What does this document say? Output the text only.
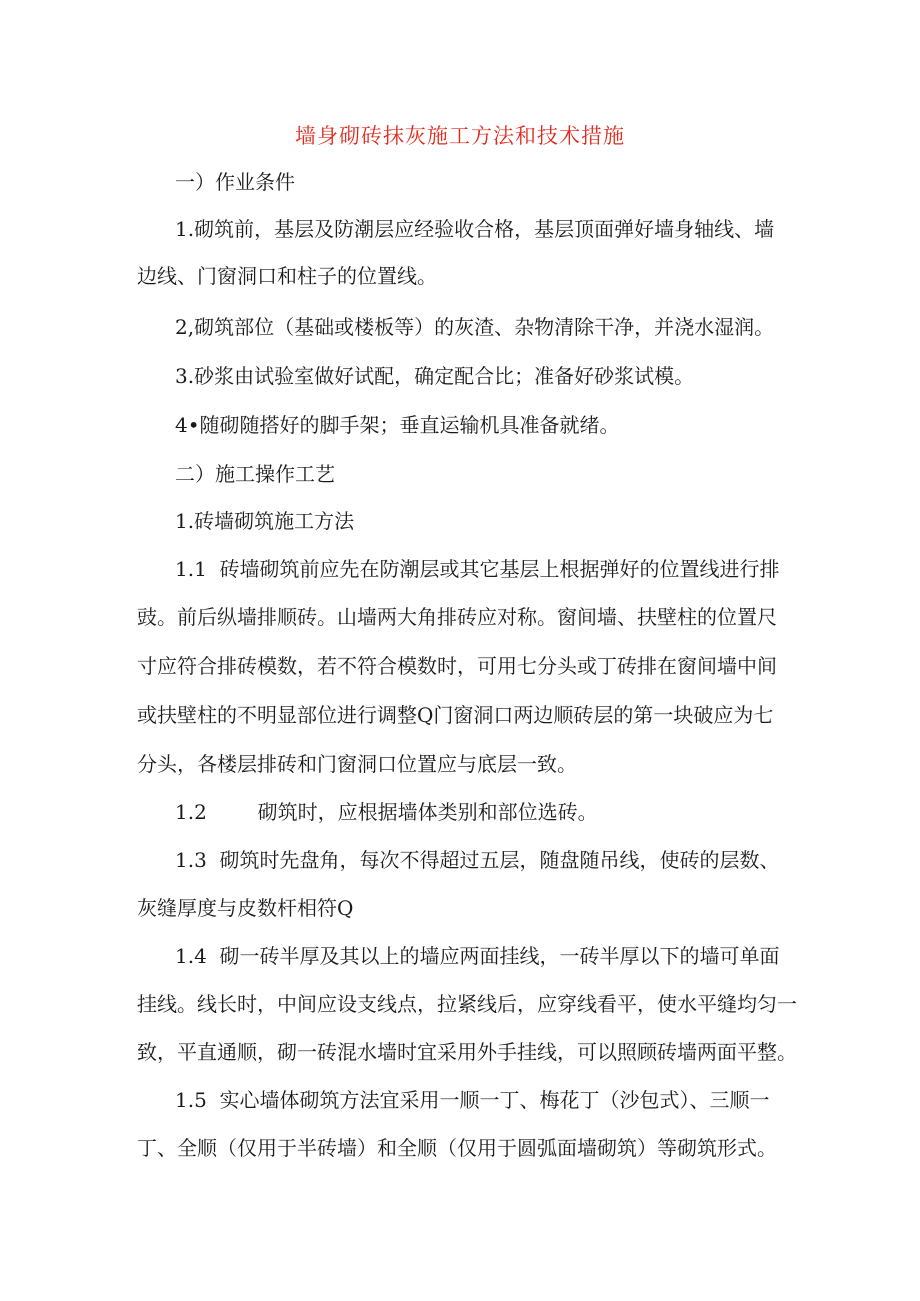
墙身砌砖抹灰施工方法和技术措施
一）作业条件
1.砌筑前，基层及防潮层应经验收合格，基层顶面弹好墙身轴线、墙
边线、门窗洞口和柱子的位置线。
2,砌筑部位（基础或楼板等）的灰渣、杂物清除干净，并浇水湿润。
3.砂浆由试验室做好试配，确定配合比；准备好砂浆试模。
4•随砌随搭好的脚手架；垂直运输机具准备就绪。
二）施工操作工艺
1.砖墙砌筑施工方法
1.1  砖墙砌筑前应先在防潮层或其它基层上根据弹好的位置线进行排
豉。前后纵墙排顺砖。山墙两大角排砖应对称。窗间墙、扶壁柱的位置尺
寸应符合排砖模数，若不符合模数时，可用七分头或丁砖排在窗间墙中间
或扶壁柱的不明显部位进行调整Q门窗洞口两边顺砖层的第一块破应为七
分头，各楼层排砖和门窗洞口位置应与底层一致。
1.2        砌筑时，应根据墙体类别和部位选砖。
1.3  砌筑时先盘角，每次不得超过五层，随盘随吊线，使砖的层数、
灰缝厚度与皮数杆相符Q
1.4  砌一砖半厚及其以上的墙应两面挂线，一砖半厚以下的墙可单面
挂线。线长时，中间应设支线点，拉紧线后，应穿线看平，使水平缝均匀一
致，平直通顺，砌一砖混水墙时宜采用外手挂线，可以照顾砖墙两面平整。
1.5  实心墙体砌筑方法宜采用一顺一丁、梅花丁（沙包式）、三顺一
丁、全顺（仅用于半砖墙）和全顺（仅用于圆弧面墙砌筑）等砌筑形式。
